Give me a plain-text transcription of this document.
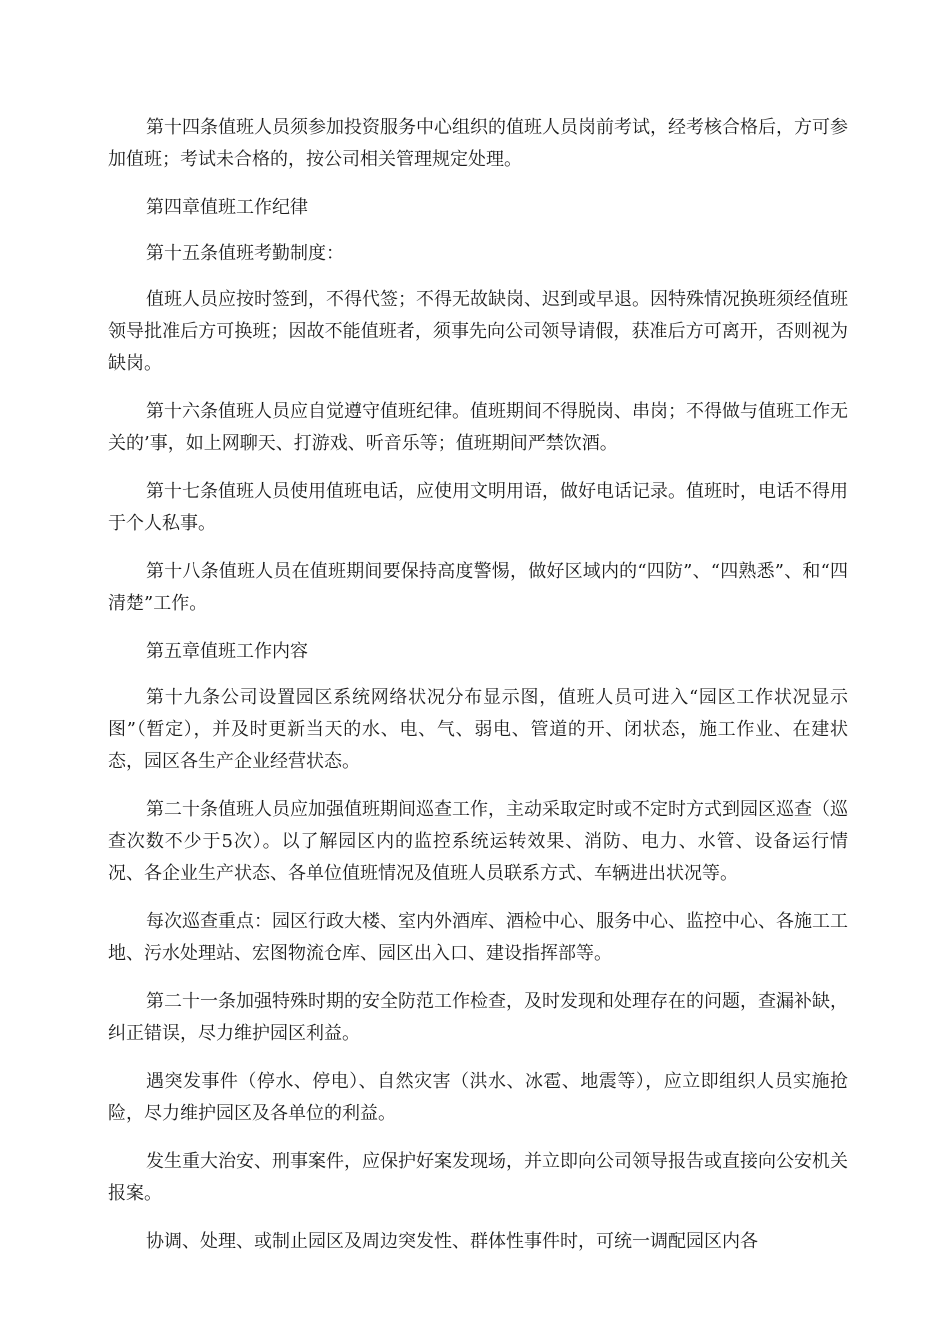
第十四条值班人员须参加投资服务中心组织的值班人员岗前考试，经考核合格后，方可参加值班；考试未合格的，按公司相关管理规定处理。

第四章值班工作纪律

第十五条值班考勤制度：

值班人员应按时签到，不得代签；不得无故缺岗、迟到或早退。因特殊情况换班须经值班领导批准后方可换班；因故不能值班者，须事先向公司领导请假，获准后方可离开，否则视为缺岗。

第十六条值班人员应自觉遵守值班纪律。值班期间不得脱岗、串岗；不得做与值班工作无关的’事，如上网聊天、打游戏、听音乐等；值班期间严禁饮酒。

第十七条值班人员使用值班电话，应使用文明用语，做好电话记录。值班时，电话不得用于个人私事。

第十八条值班人员在值班期间要保持高度警惕，做好区域内的“四防”、“四熟悉”、和“四清楚”工作。

第五章值班工作内容

第十九条公司设置园区系统网络状况分布显示图，值班人员可进入“园区工作状况显示图”（暂定），并及时更新当天的水、电、气、弱电、管道的开、闭状态，施工作业、在建状态，园区各生产企业经营状态。

第二十条值班人员应加强值班期间巡查工作，主动采取定时或不定时方式到园区巡查（巡查次数不少于5次）。以了解园区内的监控系统运转效果、消防、电力、水管、设备运行情况、各企业生产状态、各单位值班情况及值班人员联系方式、车辆进出状况等。

每次巡查重点：园区行政大楼、室内外酒库、酒检中心、服务中心、监控中心、各施工工地、污水处理站、宏图物流仓库、园区出入口、建设指挥部等。

第二十一条加强特殊时期的安全防范工作检查，及时发现和处理存在的问题，查漏补缺，纠正错误，尽力维护园区利益。

遇突发事件（停水、停电）、自然灾害（洪水、冰雹、地震等），应立即组织人员实施抢险，尽力维护园区及各单位的利益。

发生重大治安、刑事案件，应保护好案发现场，并立即向公司领导报告或直接向公安机关报案。

协调、处理、或制止园区及周边突发性、群体性事件时，可统一调配园区内各
